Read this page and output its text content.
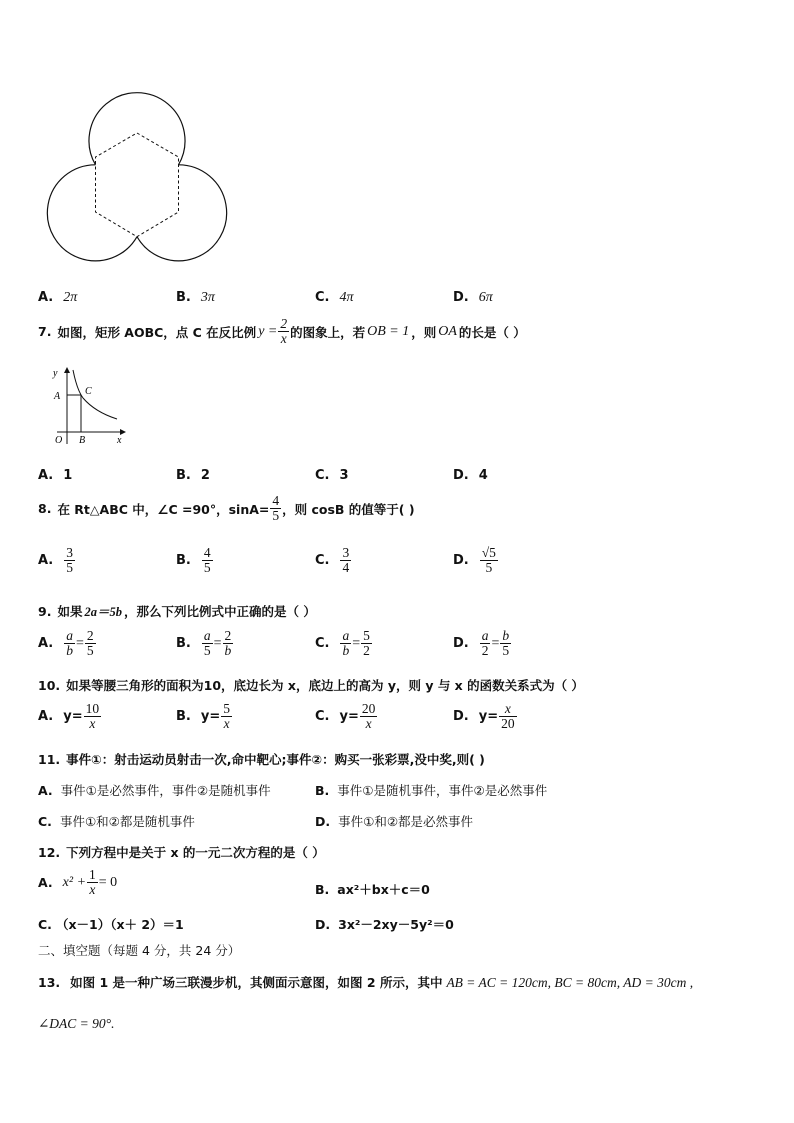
A. 2π	B. 3π	C. 4π	D. 6π
7. 如图，矩形 AOBC，点 C 在反比例 $y = \frac{2}{x}$ 的图象上，若 OB = 1 ，则 OA 的长是（ ）
y
A C
O B	x
A. 1	B. 2	C. 3	D. 4
8. 在 Rt△ABC 中，∠C =90°，$\sin A= \frac{4}{5}$ ，则 cosB 的值等于( )
A. $\frac{3}{5}$	B. $\frac{4}{5}$	C. $\frac{3}{4}$	D. $\frac{√5}{5}$
9. 如果 2a＝5b ，那么下列比例式中正确的是（ ）
A. $\frac{a}{b} = \frac{2}{5}$	B. $\frac{a}{5} = \frac{2}{b}$	C. $\frac{a}{b} = \frac{5}{2}$	D. $\frac{a}{2} = \frac{b}{5}$
10. 如果等腰三角形的面积为10，底边长为 x，底边上的高为 y，则 y 与 x 的函数关系式为（ ）
A. $y= \frac{10}{x}$	B. $y= \frac{5}{x}$	C. $y= \frac{20}{x}$	D. $y= \frac{x}{20}$
11. 事件①：射击运动员射击一次,命中靶心;事件②：购买一张彩票,没中奖,则( )
A. 事件①是必然事件，事件②是随机事件	B. 事件①是随机事件，事件②是必然事件
C. 事件①和②都是随机事件	D. 事件①和②都是必然事件
12. 下列方程中是关于 x 的一元二次方程的是（ ）
A. $x^2 + \frac{1}{x} = 0$	B. ax²＋bx＋c＝0
C. （x－1）（x＋ 2）＝1	D. 3x²－2xy－5y²＝0
二、填空题（每题 4 分，共 24 分）
13. 如图 1 是一种广场三联漫步机，其侧面示意图，如图 2 所示，其中 AB = AC = 120cm, BC = 80cm, AD = 30cm ,
∠DAC = 90°.
